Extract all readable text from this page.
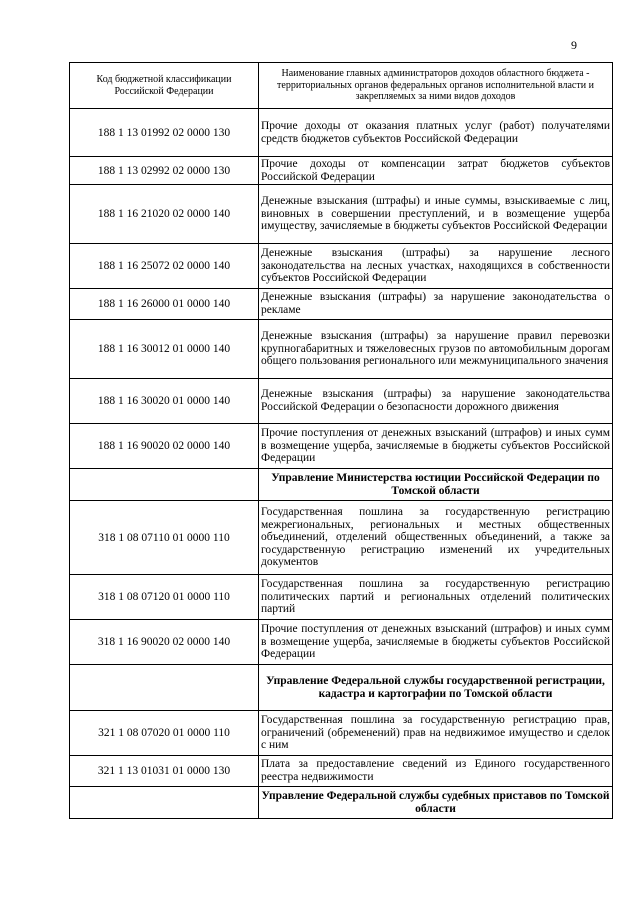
9
Код бюджетной классификации Российской Федерации	Наименование главных администраторов доходов областного бюджета - территориальных органов федеральных органов исполнительной власти и закрепляемых за ними видов доходов
188 1 13 01992 02 0000 130	Прочие доходы от оказания платных услуг (работ) получателями средств бюджетов субъектов Российской Федерации
188 1 13 02992 02 0000 130	Прочие доходы от компенсации затрат бюджетов субъектов Российской Федерации
188 1 16 21020 02 0000 140	Денежные взыскания (штрафы) и иные суммы, взыскиваемые с лиц, виновных в совершении преступлений, и в возмещение ущерба имуществу, зачисляемые в бюджеты субъектов Российской Федерации
188 1 16 25072 02 0000 140	Денежные взыскания (штрафы) за нарушение лесного законодательства на лесных участках, находящихся в собственности субъектов Российской Федерации
188 1 16 26000 01 0000 140	Денежные взыскания (штрафы) за нарушение законодательства о рекламе
188 1 16 30012 01 0000 140	Денежные взыскания (штрафы) за нарушение правил перевозки крупногабаритных и тяжеловесных грузов по автомобильным дорогам общего пользования регионального или межмуниципального значения
188 1 16 30020 01 0000 140	Денежные взыскания (штрафы) за нарушение законодательства Российской Федерации о безопасности дорожного движения
188 1 16 90020 02 0000 140	Прочие поступления от денежных взысканий (штрафов) и иных сумм в возмещение ущерба, зачисляемые в бюджеты субъектов Российской Федерации
	Управление Министерства юстиции Российской Федерации по Томской области
318 1 08 07110 01 0000 110	Государственная пошлина за государственную регистрацию межрегиональных, региональных и местных общественных объединений, отделений общественных объединений, а также за государственную регистрацию изменений их учредительных документов
318 1 08 07120 01 0000 110	Государственная пошлина за государственную регистрацию политических партий и региональных отделений политических партий
318 1 16 90020 02 0000 140	Прочие поступления от денежных взысканий (штрафов) и иных сумм в возмещение ущерба, зачисляемые в бюджеты субъектов Российской Федерации
	Управление Федеральной службы государственной регистрации, кадастра и картографии по Томской области
321 1 08 07020 01 0000 110	Государственная пошлина за государственную регистрацию прав, ограничений (обременений) прав на недвижимое имущество и сделок с ним
321 1 13 01031 01 0000 130	Плата за предоставление сведений из Единого государственного реестра недвижимости
	Управление Федеральной службы судебных приставов по Томской области
